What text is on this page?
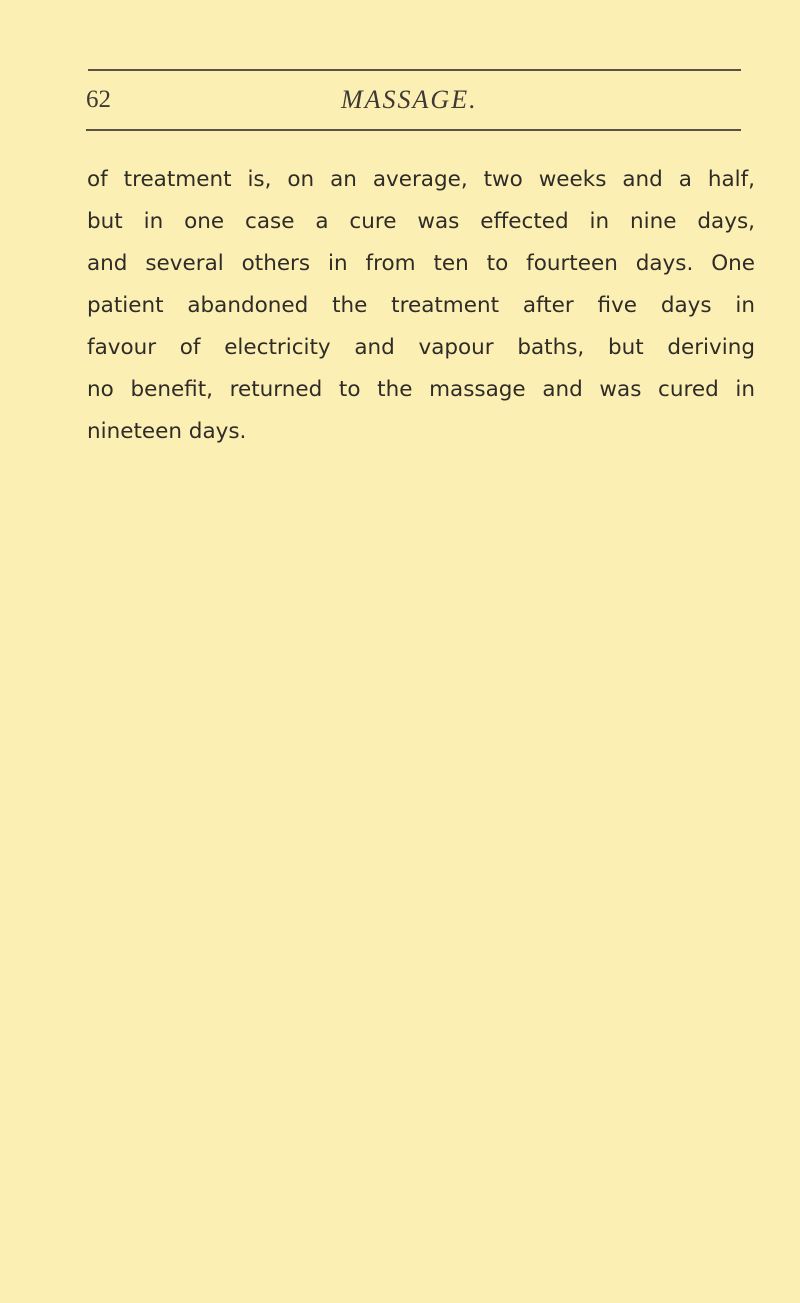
62	MASSAGE.
of treatment is, on an average, two weeks and a half,
but in one case a cure was effected in nine days,
and several others in from ten to fourteen days. One
patient abandoned the treatment after five days in
favour of electricity and vapour baths, but deriving
no benefit, returned to the massage and was cured in
nineteen days.
